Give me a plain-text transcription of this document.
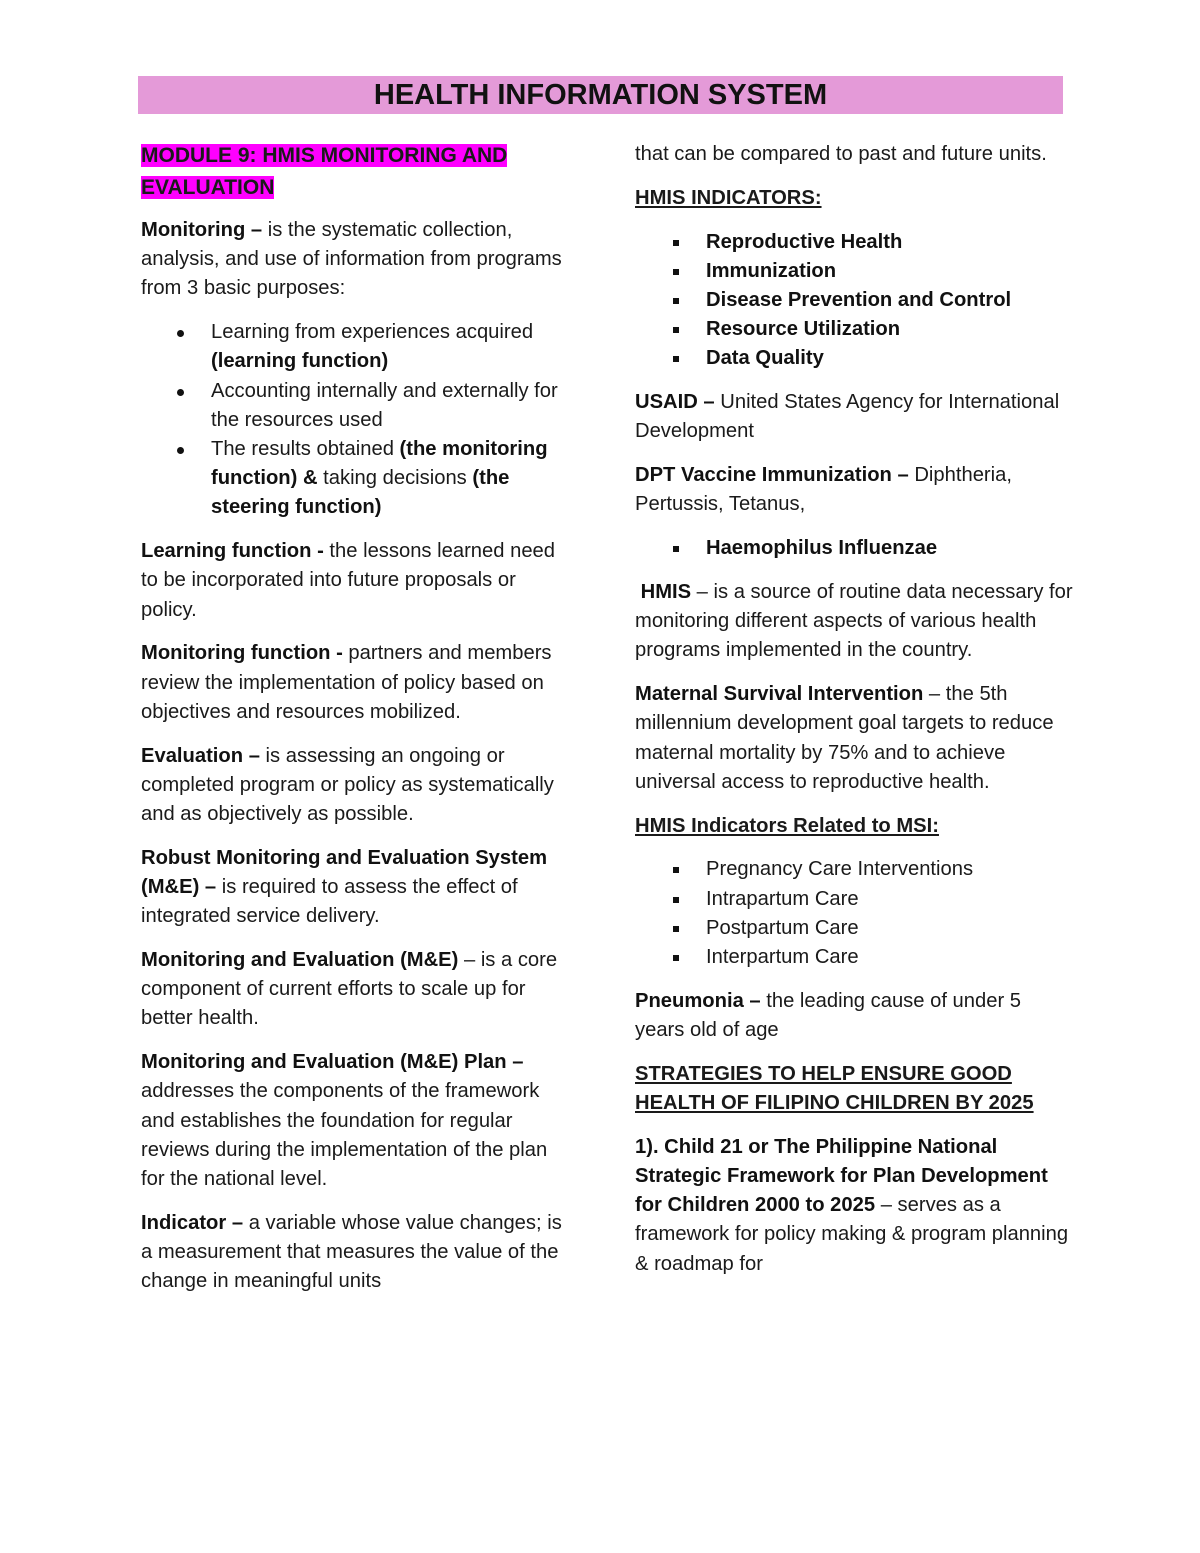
HEALTH INFORMATION SYSTEM

MODULE 9: HMIS MONITORING AND EVALUATION

Monitoring – is the systematic collection, analysis, and use of information from programs from 3 basic purposes:

Learning from experiences acquired (learning function)
Accounting internally and externally for the resources used
The results obtained (the monitoring function) & taking decisions (the steering function)

Learning function - the lessons learned need to be incorporated into future proposals or policy.

Monitoring function - partners and members review the implementation of policy based on objectives and resources mobilized.

Evaluation – is assessing an ongoing or completed program or policy as systematically and as objectively as possible.

Robust Monitoring and Evaluation System (M&E) – is required to assess the effect of integrated service delivery.

Monitoring and Evaluation (M&E) – is a core component of current efforts to scale up for better health.

Monitoring and Evaluation (M&E) Plan – addresses the components of the framework and establishes the foundation for regular reviews during the implementation of the plan for the national level.

Indicator – a variable whose value changes; is a measurement that measures the value of the change in meaningful units

that can be compared to past and future units.

HMIS INDICATORS:

Reproductive Health
Immunization
Disease Prevention and Control
Resource Utilization
Data Quality

USAID – United States Agency for International Development

DPT Vaccine Immunization – Diphtheria, Pertussis, Tetanus,

Haemophilus Influenzae

HMIS – is a source of routine data necessary for monitoring different aspects of various health programs implemented in the country.

Maternal Survival Intervention – the 5th millennium development goal targets to reduce maternal mortality by 75% and to achieve universal access to reproductive health.

HMIS Indicators Related to MSI:

Pregnancy Care Interventions
Intrapartum Care
Postpartum Care
Interpartum Care

Pneumonia – the leading cause of under 5 years old of age

STRATEGIES TO HELP ENSURE GOOD HEALTH OF FILIPINO CHILDREN BY 2025

1). Child 21 or The Philippine National Strategic Framework for Plan Development for Children 2000 to 2025 – serves as a framework for policy making & program planning & roadmap for
